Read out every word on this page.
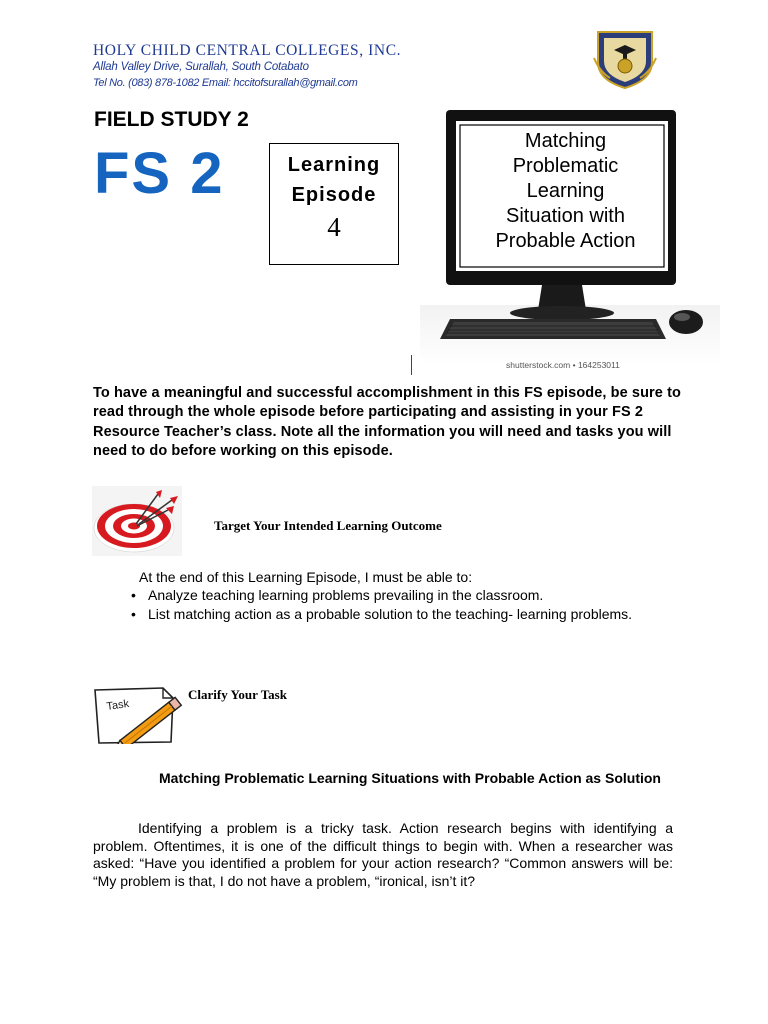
HOLY CHILD CENTRAL COLLEGES, INC.
Allah Valley Drive, Surallah, South Cotabato
Tel No. (083) 878-1082 Email: hccitofsurallah@gmail.com
FIELD STUDY 2
FS 2	Learning
Episode
4
Matching
Problematic
Learning
Situation with
Probable Action
shutterstock.com • 164253011
To have a meaningful and successful accomplishment in this FS episode, be sure to read through the whole episode before participating and assisting in your FS 2 Resource Teacher’s class. Note all the information you will need and tasks you will need to do before working on this episode.
Target Your Intended Learning Outcome
At the end of this Learning Episode, I must be able to:
• Analyze teaching learning problems prevailing in the classroom.
• List matching action as a probable solution to the teaching- learning problems.
Task
Clarify Your Task
Matching Problematic Learning Situations with Probable Action as Solution
Identifying a problem is a tricky task. Action research begins with identifying a problem. Oftentimes, it is one of the difficult things to begin with. When a researcher was asked: “Have you identified a problem for your action research? “Common answers will be: “My problem is that, I do not have a problem, “ironical, isn’t it?
